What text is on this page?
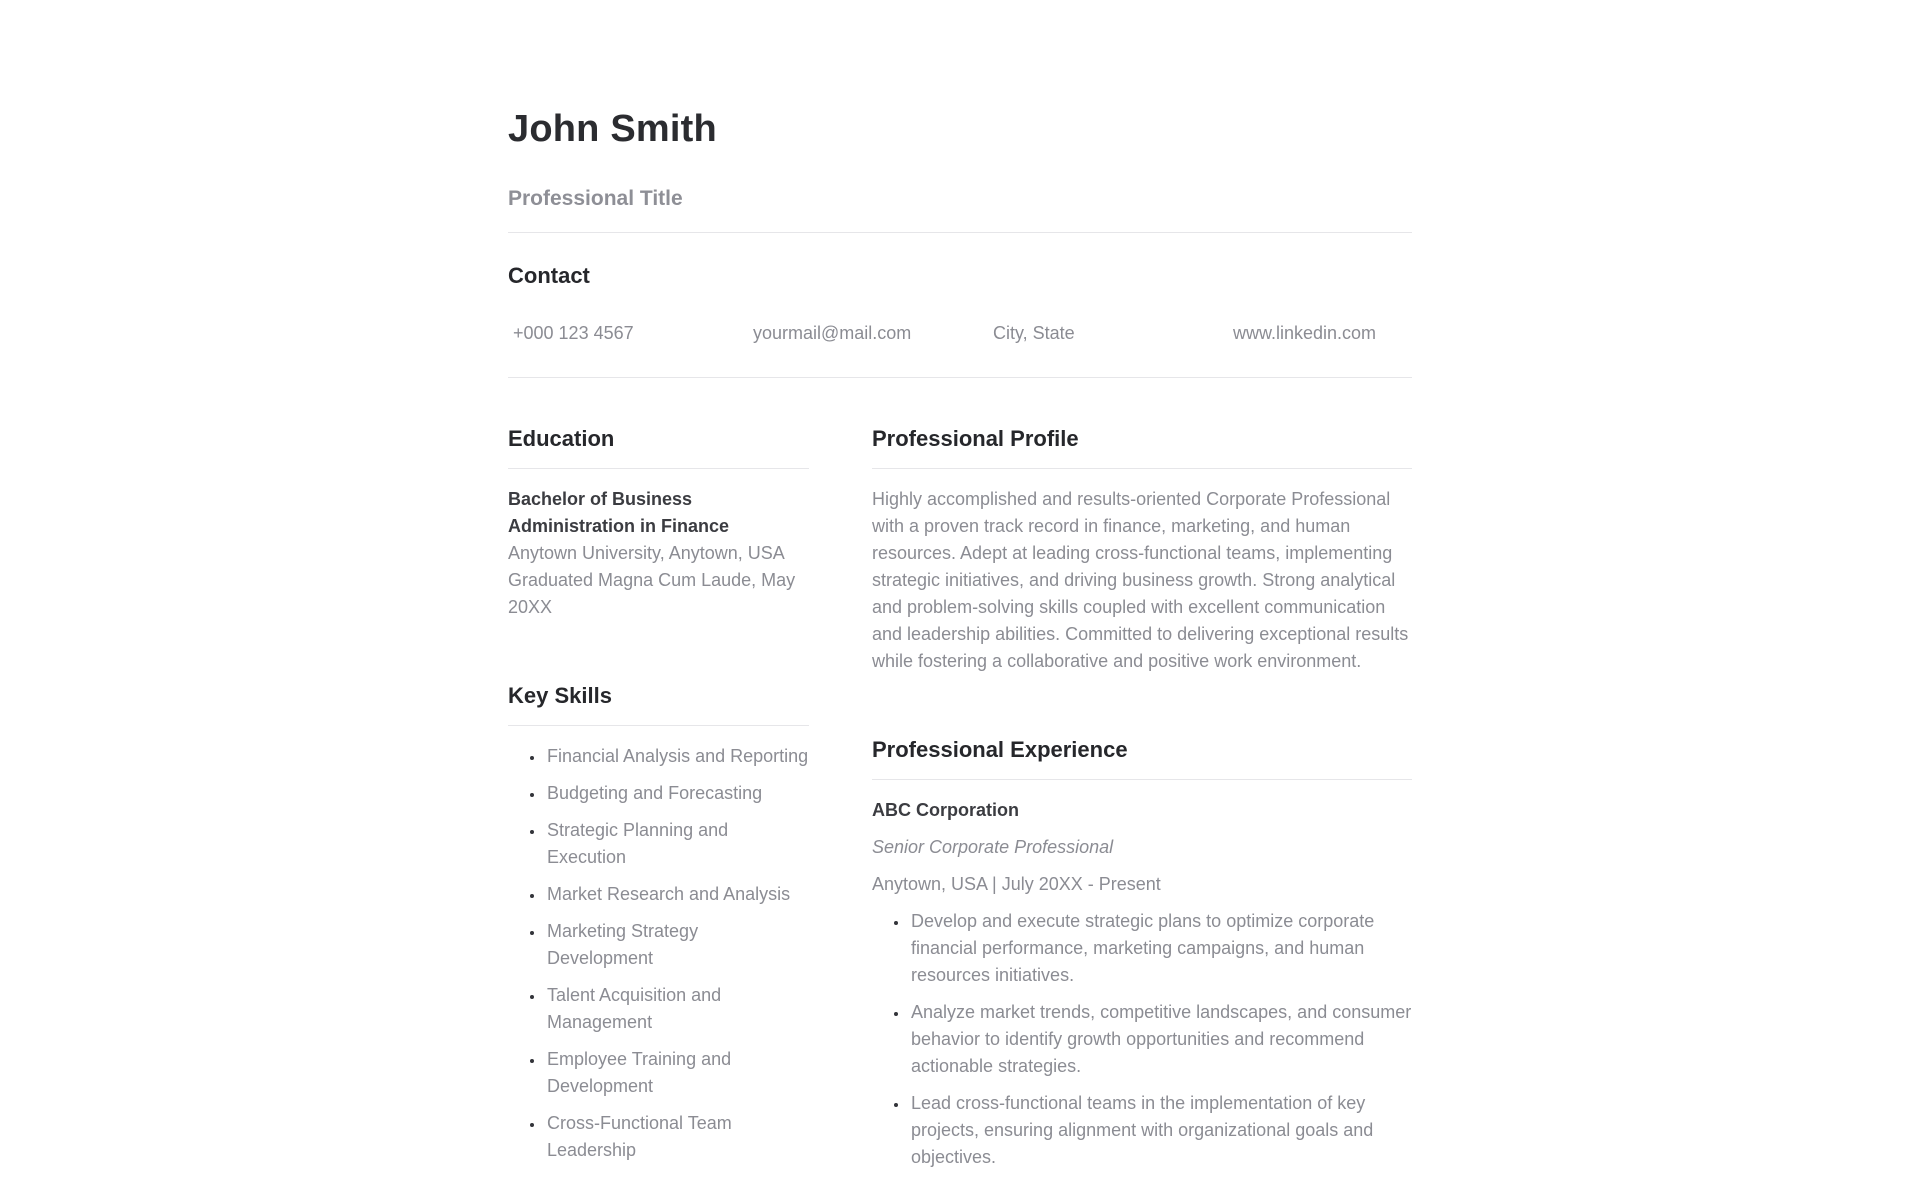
John Smith
Professional Title
Contact
+000 123 4567	yourmail@mail.com	City, State	www.linkedin.com
Education
Bachelor of Business Administration in Finance
Anytown University, Anytown, USA
Graduated Magna Cum Laude, May 20XX
Key Skills
• Financial Analysis and Reporting
• Budgeting and Forecasting
• Strategic Planning and Execution
• Market Research and Analysis
• Marketing Strategy Development
• Talent Acquisition and Management
• Employee Training and Development
• Cross-Functional Team Leadership
Professional Profile

Highly accomplished and results-oriented Corporate Professional with a proven track record in finance, marketing, and human resources. Adept at leading cross-functional teams, implementing strategic initiatives, and driving business growth. Strong analytical and problem-solving skills coupled with excellent communication and leadership abilities. Committed to delivering exceptional results while fostering a collaborative and positive work environment.

Professional Experience
ABC Corporation
Senior Corporate Professional
Anytown, USA | July 20XX - Present
• Develop and execute strategic plans to optimize corporate financial performance, marketing campaigns, and human resources initiatives.
• Analyze market trends, competitive landscapes, and consumer behavior to identify growth opportunities and recommend actionable strategies.
• Lead cross-functional teams in the implementation of key projects, ensuring alignment with organizational goals and objectives.
